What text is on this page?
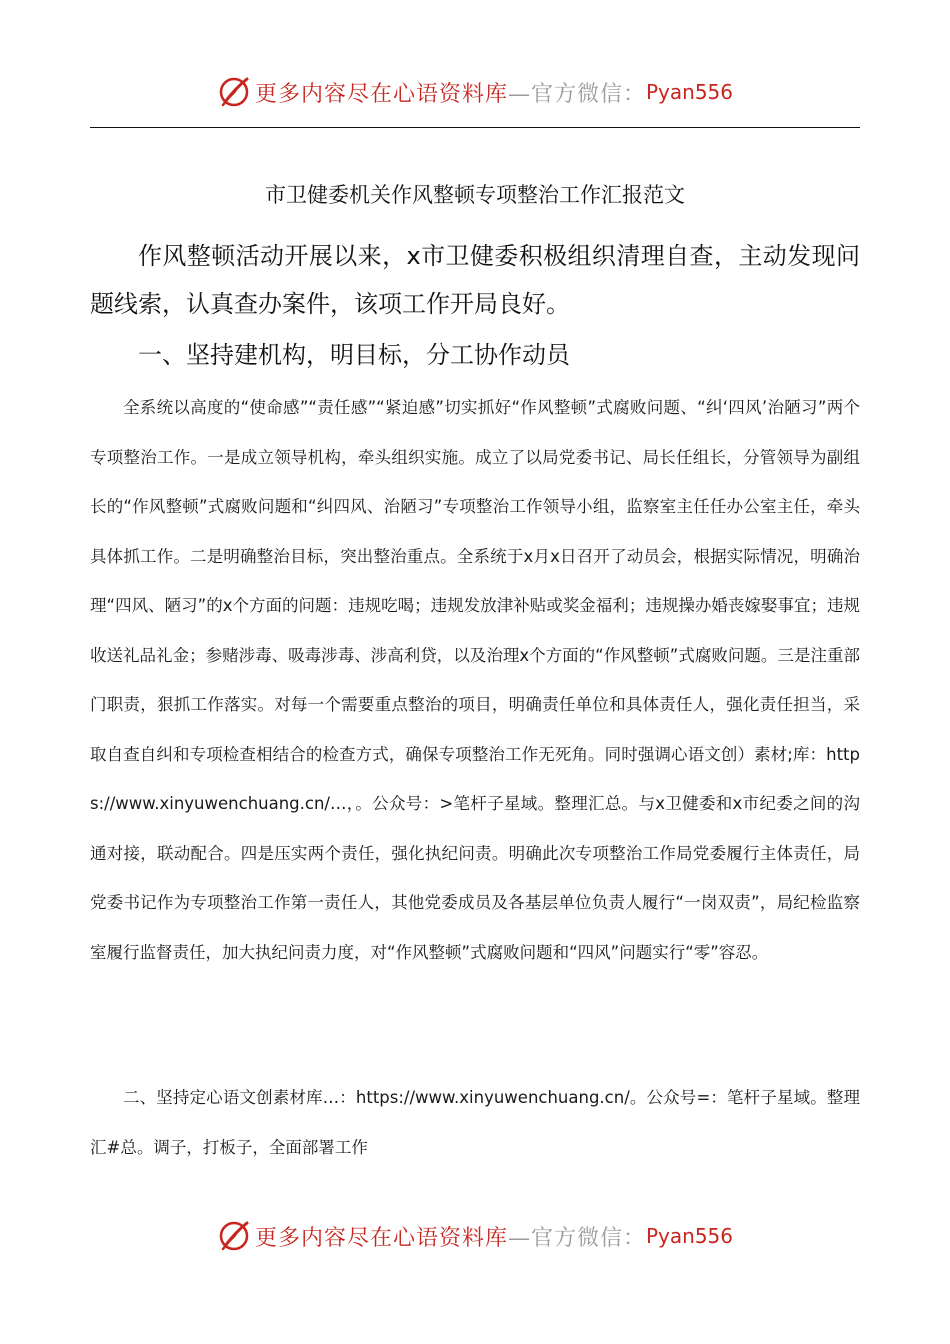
更多内容尽在心语资料库 —官方微信： Pyan556
市卫健委机关作风整顿专项整治工作汇报范文

作风整顿活动开展以来，x市卫健委积极组织清理自查，主动发现问题线索，认真查办案件，该项工作开局良好。

一、坚持建机构，明目标，分工协作动员

全系统以高度的“使命感”“责任感”“紧迫感”切实抓好“作风整顿”式腐败问题、“纠‘四风’治陋习”两个专项整治工作。一是成立领导机构，牵头组织实施。成立了以局党委书记、局长任组长，分管领导为副组长的“作风整顿”式腐败问题和“纠四风、治陋习”专项整治工作领导小组，监察室主任任办公室主任，牵头具体抓工作。二是明确整治目标，突出整治重点。全系统于x月x日召开了动员会，根据实际情况，明确治理“四风、陋习”的x个方面的问题：违规吃喝；违规发放津补贴或奖金福利；违规操办婚丧嫁娶事宜；违规收送礼品礼金；参赌涉毒、吸毒涉毒、涉高利贷，以及治理x个方面的“作风整顿”式腐败问题。三是注重部门职责，狠抓工作落实。对每一个需要重点整治的项目，明确责任单位和具体责任人，强化责任担当，采取自查自纠和专项检查相结合的检查方式，确保专项整治工作无死角。同时强调心语文创）素材;库：https://www.xinyuwenchuang.cn/…，。公众号：>笔杆子星域。整理汇总。与x卫健委和x市纪委之间的沟通对接，联动配合。四是压实两个责任，强化执纪问责。明确此次专项整治工作局党委履行主体责任，局党委书记作为专项整治工作第一责任人，其他党委成员及各基层单位负责人履行“一岗双责”，局纪检监察室履行监督责任，加大执纪问责力度，对“作风整顿”式腐败问题和“四风”问题实行“零”容忍。

二、坚持定心语文创素材库…：https://www.xinyuwenchuang.cn/。公众号=：笔杆子星域。整理汇#总。调子，打板子，全面部署工作

更多内容尽在心语资料库 —官方微信： Pyan556
